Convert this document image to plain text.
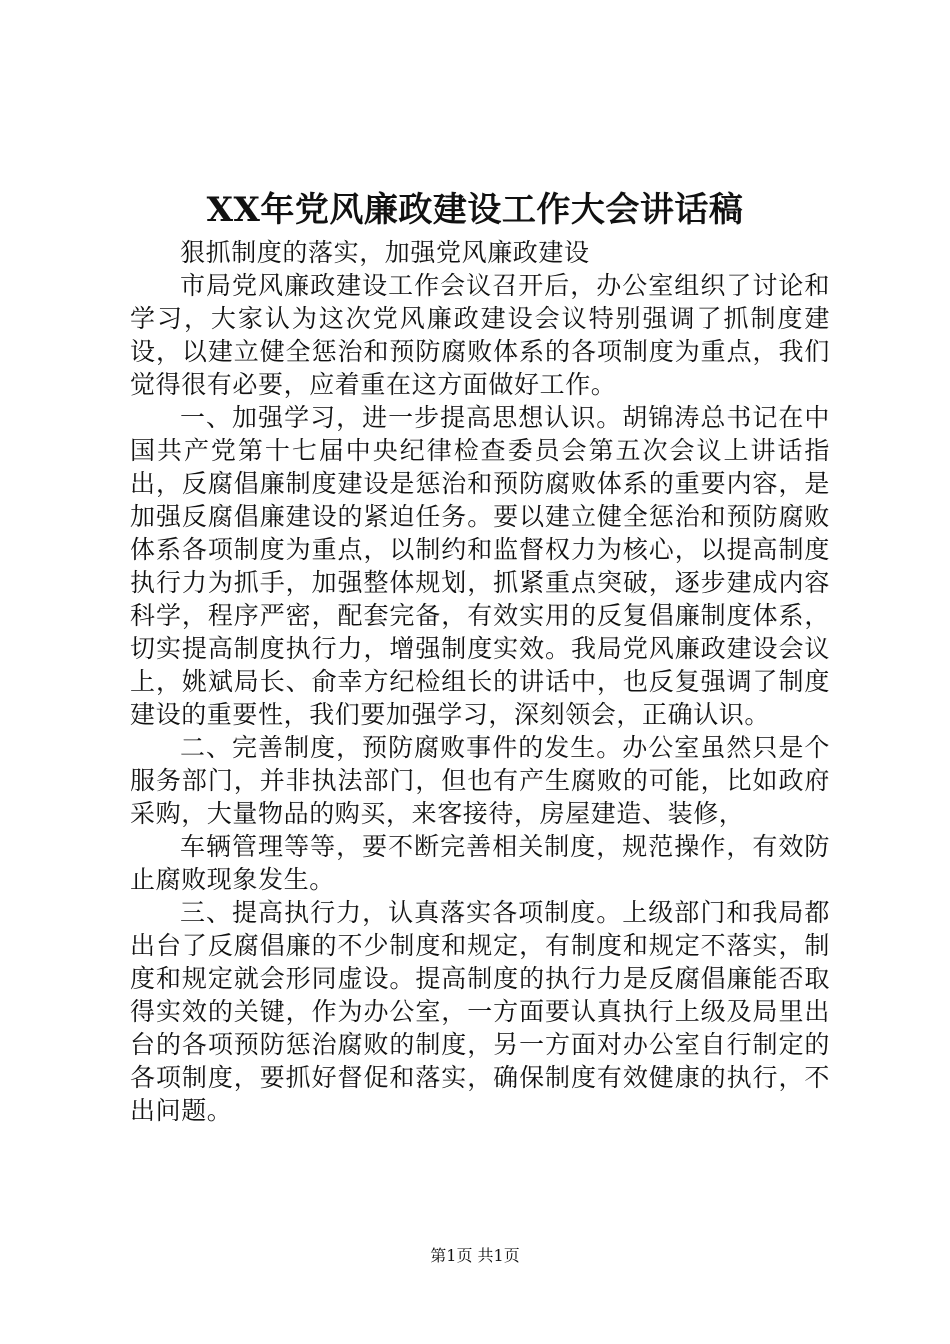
XX年党风廉政建设工作大会讲话稿

狠抓制度的落实，加强党风廉政建设

市局党风廉政建设工作会议召开后，办公室组织了讨论和学习，大家认为这次党风廉政建设会议特别强调了抓制度建设，以建立健全惩治和预防腐败体系的各项制度为重点，我们觉得很有必要，应着重在这方面做好工作。

一、加强学习，进一步提高思想认识。胡锦涛总书记在中国共产党第十七届中央纪律检查委员会第五次会议上讲话指出，反腐倡廉制度建设是惩治和预防腐败体系的重要内容，是加强反腐倡廉建设的紧迫任务。要以建立健全惩治和预防腐败体系各项制度为重点，以制约和监督权力为核心，以提高制度执行力为抓手，加强整体规划，抓紧重点突破，逐步建成内容科学，程序严密，配套完备，有效实用的反复倡廉制度体系，切实提高制度执行力，增强制度实效。我局党风廉政建设会议上，姚斌局长、俞幸方纪检组长的讲话中，也反复强调了制度建设的重要性，我们要加强学习，深刻领会，正确认识。

二、完善制度，预防腐败事件的发生。办公室虽然只是个服务部门，并非执法部门，但也有产生腐败的可能，比如政府采购，大量物品的购买，来客接待，房屋建造、装修，

车辆管理等等，要不断完善相关制度，规范操作，有效防止腐败现象发生。

三、提高执行力，认真落实各项制度。上级部门和我局都出台了反腐倡廉的不少制度和规定，有制度和规定不落实，制度和规定就会形同虚设。提高制度的执行力是反腐倡廉能否取得实效的关键，作为办公室，一方面要认真执行上级及局里出台的各项预防惩治腐败的制度，另一方面对办公室自行制定的各项制度，要抓好督促和落实，确保制度有效健康的执行，不出问题。

第1页 共1页
